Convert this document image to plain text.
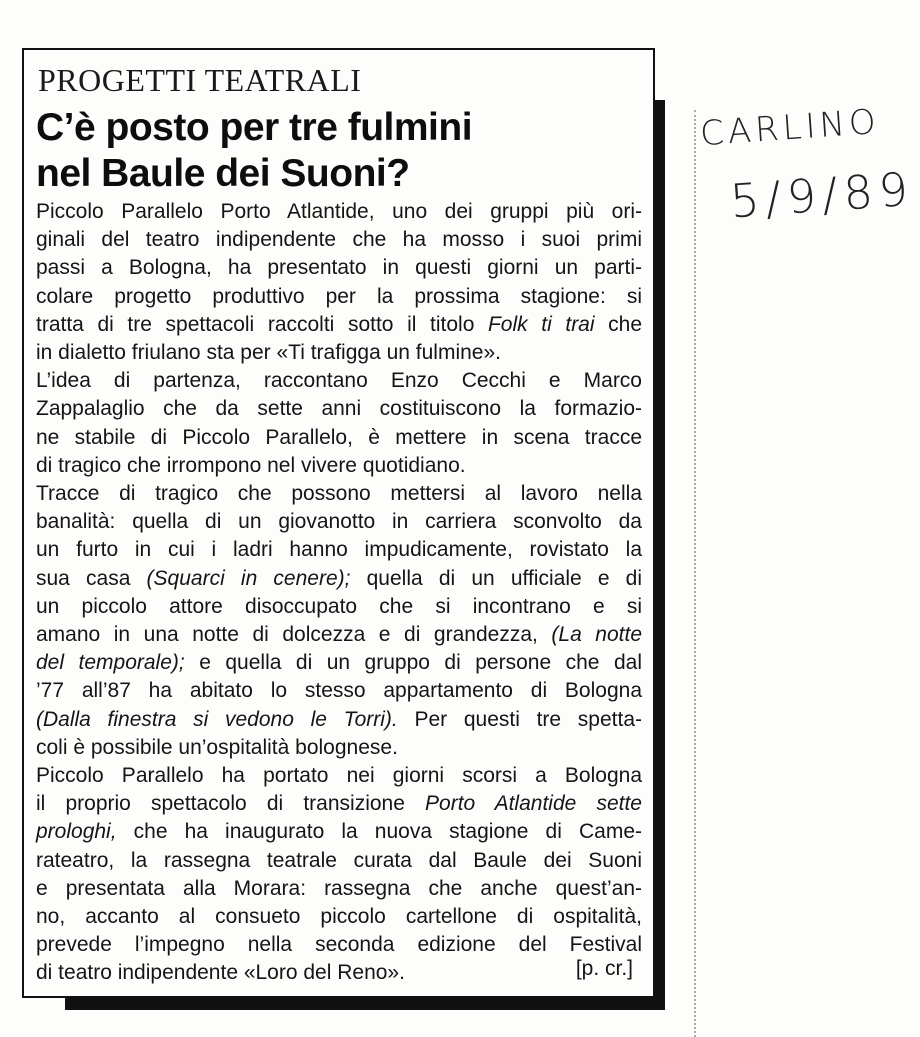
PROGETTI TEATRALI
C’è posto per tre fulmini
nel Baule dei Suoni?
Piccolo Parallelo Porto Atlantide, uno dei gruppi più ori-
ginali del teatro indipendente che ha mosso i suoi primi
passi a Bologna, ha presentato in questi giorni un parti-
colare progetto produttivo per la prossima stagione: si
tratta di tre spettacoli raccolti sotto il titolo Folk ti trai che
in dialetto friulano sta per «Ti trafigga un fulmine».
L’idea di partenza, raccontano Enzo Cecchi e Marco
Zappalaglio che da sette anni costituiscono la formazio-
ne stabile di Piccolo Parallelo, è mettere in scena tracce
di tragico che irrompono nel vivere quotidiano.
Tracce di tragico che possono mettersi al lavoro nella
banalità: quella di un giovanotto in carriera sconvolto da
un furto in cui i ladri hanno impudicamente, rovistato la
sua casa (Squarci in cenere); quella di un ufficiale e di
un piccolo attore disoccupato che si incontrano e si
amano in una notte di dolcezza e di grandezza, (La notte
del temporale); e quella di un gruppo di persone che dal
’77 all’87 ha abitato lo stesso appartamento di Bologna
(Dalla finestra si vedono le Torri). Per questi tre spetta-
coli è possibile un’ospitalità bolognese.
Piccolo Parallelo ha portato nei giorni scorsi a Bologna
il proprio spettacolo di transizione Porto Atlantide sette
prologhi, che ha inaugurato la nuova stagione di Came-
rateatro, la rassegna teatrale curata dal Baule dei Suoni
e presentata alla Morara: rassegna che anche quest’an-
no, accanto al consueto piccolo cartellone di ospitalità,
prevede l’impegno nella seconda edizione del Festival
di teatro indipendente «Loro del Reno».	[p. cr.]
CARLINO
5/9/89
